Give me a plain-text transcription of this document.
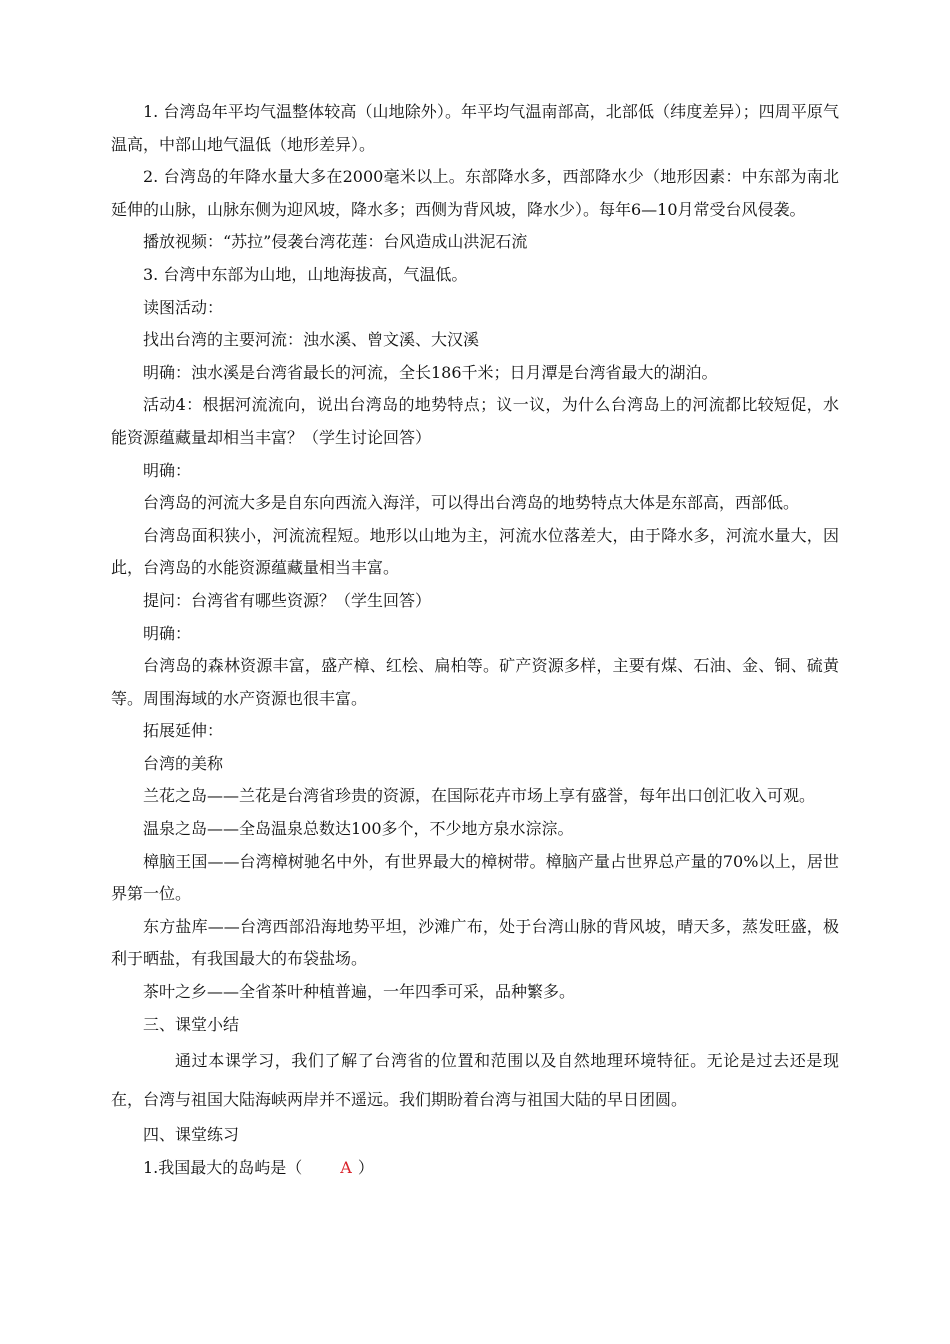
1. 台湾岛年平均气温整体较高（山地除外）。年平均气温南部高，北部低（纬度差异）；四周平原气温高，中部山地气温低（地形差异）。

2. 台湾岛的年降水量大多在2000毫米以上。东部降水多，西部降水少（地形因素：中东部为南北延伸的山脉，山脉东侧为迎风坡，降水多；西侧为背风坡，降水少）。每年6—10月常受台风侵袭。

播放视频：“苏拉”侵袭台湾花莲：台风造成山洪泥石流

3. 台湾中东部为山地，山地海拔高，气温低。

读图活动：

找出台湾的主要河流：浊水溪、曾文溪、大汉溪

明确：浊水溪是台湾省最长的河流，全长186千米；日月潭是台湾省最大的湖泊。

活动4：根据河流流向，说出台湾岛的地势特点；议一议，为什么台湾岛上的河流都比较短促，水能资源蕴藏量却相当丰富？（学生讨论回答）

明确：

台湾岛的河流大多是自东向西流入海洋，可以得出台湾岛的地势特点大体是东部高，西部低。

台湾岛面积狭小，河流流程短。地形以山地为主，河流水位落差大，由于降水多，河流水量大，因此，台湾岛的水能资源蕴藏量相当丰富。

提问：台湾省有哪些资源？（学生回答）

明确：

台湾岛的森林资源丰富，盛产樟、红桧、扁柏等。矿产资源多样，主要有煤、石油、金、铜、硫黄等。周围海域的水产资源也很丰富。

拓展延伸：

台湾的美称

兰花之岛——兰花是台湾省珍贵的资源，在国际花卉市场上享有盛誉，每年出口创汇收入可观。

温泉之岛——全岛温泉总数达100多个，不少地方泉水淙淙。

樟脑王国——台湾樟树驰名中外，有世界最大的樟树带。樟脑产量占世界总产量的70%以上，居世界第一位。

东方盐库——台湾西部沿海地势平坦，沙滩广布，处于台湾山脉的背风坡，晴天多，蒸发旺盛，极利于晒盐，有我国最大的布袋盐场。

茶叶之乡——全省茶叶种植普遍，一年四季可采，品种繁多。

三、课堂小结

通过本课学习，我们了解了台湾省的位置和范围以及自然地理环境特征。无论是过去还是现在，台湾与祖国大陆海峡两岸并不遥远。我们期盼着台湾与祖国大陆的早日团圆。

四、课堂练习

1.我国最大的岛屿是（ A ）
